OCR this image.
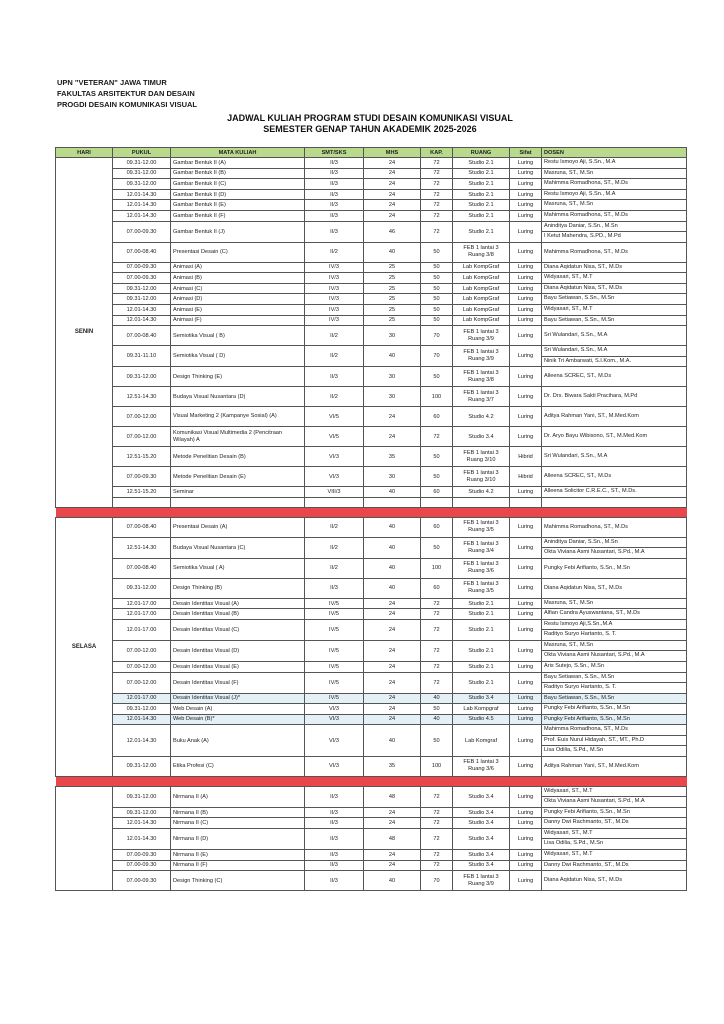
UPN "VETERAN" JAWA TIMUR
FAKULTAS ARSITEKTUR DAN DESAIN
PROGDI DESAIN KOMUNIKASI VISUAL
JADWAL KULIAH PROGRAM STUDI DESAIN KOMUNIKASI VISUAL
SEMESTER GENAP TAHUN AKADEMIK 2025-2026
HARI	PUKUL	MATA KULIAH	SMT/SKS	MHS	KAP.	RUANG	Sifat	DOSEN
SENIN	09.31-12.00	Gambar Bentuk II (A)	II/3	24	72	Studio 2.1	Luring	Restu Ismoyo Aji, S.Sn., M.A

	09.31-12.00	Gambar Bentuk II (B)	II/3	24	72	Studio 2.1	Luring	Masruna, ST., M.Sn

	09.31-12.00	Gambar Bentuk II (C)	II/3	24	72	Studio 2.1	Luring	Mahimma Romadhona, ST., M.Ds

	12.01-14.30	Gambar Bentuk II (D)	II/3	24	72	Studio 2.1	Luring	Restu Ismoyo Aji, S.Sn., M.A

	12.01-14.30	Gambar Bentuk II (E)	II/3	24	72	Studio 2.1	Luring	Masruna, ST., M.Sn

	12.01-14.30	Gambar Bentuk II (F)	II/3	24	72	Studio 2.1	Luring	Mahimma Romadhona, ST., M.Ds

	07.00-09.30	Gambar Bentuk II (J)	II/3	46	72	Studio 2.1	Luring	Aninditya Daniar, S.Sn., M.Sn
I Ketut Mahendra, S.PD., M.Pd

	07.00-08.40	Presentasi Desain (C)	II/2	40	50	FEB 1 lantai 3 Ruang 3/8	Luring	Mahimma Romadhona, ST., M.Ds

	07.00-09.30	Animasi (A)	IV/3	25	50	Lab KompGraf	Luring	Diana Aqidatun Nisa, ST., M.Ds

	07.00-09.30	Animasi (B)	IV/3	25	50	Lab KompGraf	Luring	Widyasari, ST., M.T

	09.31-12.00	Animasi (C)	IV/3	25	50	Lab KompGraf	Luring	Diana Aqidatun Nisa, ST., M.Ds

	09.31-12.00	Animasi (D)	IV/3	25	50	Lab KompGraf	Luring	Bayu Setiawan, S.Sn., M.Sn

	12.01-14.30	Animasi (E)	IV/3	25	50	Lab KompGraf	Luring	Widyasari, ST., M.T

	12.01-14.30	Animasi (F)	IV/3	25	50	Lab KompGraf	Luring	Bayu Setiawan, S.Sn., M.Sn

	07.00-08.40	Semiotika Visual ( B)	II/2	30	70	FEB 1 lantai 3 Ruang 3/9	Luring	Sri Wulandari, S.Sn., M.A

	09.31-11.10	Semiotika Visual ( D)	II/2	40	70	FEB 1 lantai 3 Ruang 3/9	Luring	Sri Wulandari, S.Sn., M.A
Ninik Tri Ambarwati, S.I.Kom., M.A.

	09.31-12.00	Design Thinking (E)	II/3	30	50	FEB 1 lantai 3 Ruang 3/8	Luring	Alleena SCREC, ST., M.Ds

	12.51-14.30	Budaya Visual Nusantara (D)	II/2	30	100	FEB 1 lantai 3 Ruang 3/7	Luring	Dr. Drs. Biwara Sakti Pracihara, M.Pd

	07.00-12.00	Visual Marketing 2 (Kampanye Sosial) (A)	VI/5	24	60	Studio 4.2	Luring	Aditya Rahman Yani, ST., M.Med.Kom

	07.00-12.00	Komunikasi Visual Multimedia 2 (Pencitraan Wilayah) A	VI/5	24	72	Studio 3.4	Luring	Dr. Aryo Bayu Wibisono, ST., M.Med.Kom

	12.51-15.20	Metode Penelitian Desain (B)	VI/3	35	50	FEB 1 lantai 3 Ruang 3/10	Hibrid	Sri Wulandari, S.Sn., M.A

	07.00-09.30	Metode Penelitian Desain (E)	VI/3	30	50	FEB 1 lantai 3 Ruang 3/10	Hibrid	Alleena SCREC, ST., M.Ds

	12.51-15.20	Seminar	VIII/3	40	60	Studio 4.2	Luring	Alleena Solicitor C.R.E.C., ST., M.Ds.

SELASA	07.00-08.40	Presentasi Desain (A)	II/2	40	60	FEB 1 lantai 3 Ruang 3/5	Luring	Mahimma Romadhona, ST., M.Ds

	12.51-14.30	Budaya Visual Nusantara (C)	II/2	40	50	FEB 1 lantai 3 Ruang 3/4	Luring	Aninditya Daniar, S.Sn., M.Sn
Okta Viviana Asmi Nusantari, S.Pd., M.A

	07.00-08.40	Semiotika Visual ( A)	II/2	40	100	FEB 1 lantai 3 Ruang 3/6	Luring	Pungky Febi Arifianto, S.Sn., M.Sn

	09.31-12.00	Design Thinking (B)	II/3	40	60	FEB 1 lantai 3 Ruang 3/5	Luring	Diana Aqidatun Nisa, ST., M.Ds

	12.01-17.00	Desain Identitas Visual (A)	IV/5	24	72	Studio 2.1	Luring	Masruna, ST., M.Sn

	12.01-17.00	Desain Identitas Visual (B)	IV/5	24	72	Studio 2.1	Luring	Alfian Candra Ayuswantana, ST., M.Ds

	12.01-17.00	Desain Identitas Visual (C)	IV/5	24	72	Studio 2.1	Luring	Restu Ismoyo Aji,S.Sn.,M.A
Radityo Suryo Hartanto, S. T.

	07.00-12.00	Desain Identitas Visual (D)	IV/5	24	72	Studio 2.1	Luring	Masruna, ST., M.Sn
Okta Viviana Asmi Nusantari, S.Pd., M.A

	07.00-12.00	Desain Identitas Visual (E)	IV/5	24	72	Studio 2.1	Luring	Aris Sutejo, S.Sn., M.Sn

	07.00-12.00	Desain Identitas Visual (F)	IV/5	24	72	Studio 2.1	Luring	Bayu Setiawan, S.Sn., M.Sn
Radityo Suryo Hartanto, S. T.

	12.01-17.00	Desain Identitas Visual (J)*	IV/5	24	40	Studio 3.4	Luring	Bayu Setiawan, S.Sn., M.Sn

	09.31-12.00	Web Desain (A)	VI/3	24	50	Lab Kompgraf	Luring	Pungky Febi Arifianto, S.Sn., M.Sn

	12.01-14.30	Web Desain (B)*	VI/3	24	40	Studio 4.5	Luring	Pungky Febi Arifianto, S.Sn., M.Sn

	12.01-14.30	Buku Anak (A)	VI/3	40	50	Lab Komgraf	Luring	Mahimma Romadhona, ST., M.Ds
Prof. Euis Nurul Hidayah, ST., MT., Ph.D
Lisa Odilia, S.Pd., M.Sn

	09.31-12.00	Etika Profesi (C)	VI/3	35	100	FEB 1 lantai 3 Ruang 3/6	Luring	Aditya Rahman Yani, ST., M.Med.Kom

	09.31-12.00	Nirmana II (A)	II/3	48	72	Studio 3.4	Luring	Widyasari, ST., M.T
Okta Viviana Asmi Nusantari, S.Pd., M.A

	09.31-12.00	Nirmana II (B)	II/3	24	72	Studio 3.4	Luring	Pungky Febi Arifianto, S.Sn., M.Sn

	12.01-14.30	Nirmana II (C)	II/3	24	72	Studio 3.4	Luring	Danny Dwi Rachmanto, ST., M.Ds

	12.01-14.30	Nirmana II (D)	II/3	48	72	Studio 3.4	Luring	Widyasari, ST., M.T
Lisa Odilia, S.Pd., M.Sn

	07.00-09.30	Nirmana II (E)	II/3	24	72	Studio 3.4	Luring	Widyasari, ST., M.T

	07.00-09.30	Nirmana II (F)	II/3	24	72	Studio 3.4	Luring	Danny Dwi Rachmanto, ST., M.Ds

	07.00-09.30	Design Thinking (C)	II/3	40	70	FEB 1 lantai 3 Ruang 3/9	Luring	Diana Aqidatun Nisa, ST., M.Ds
